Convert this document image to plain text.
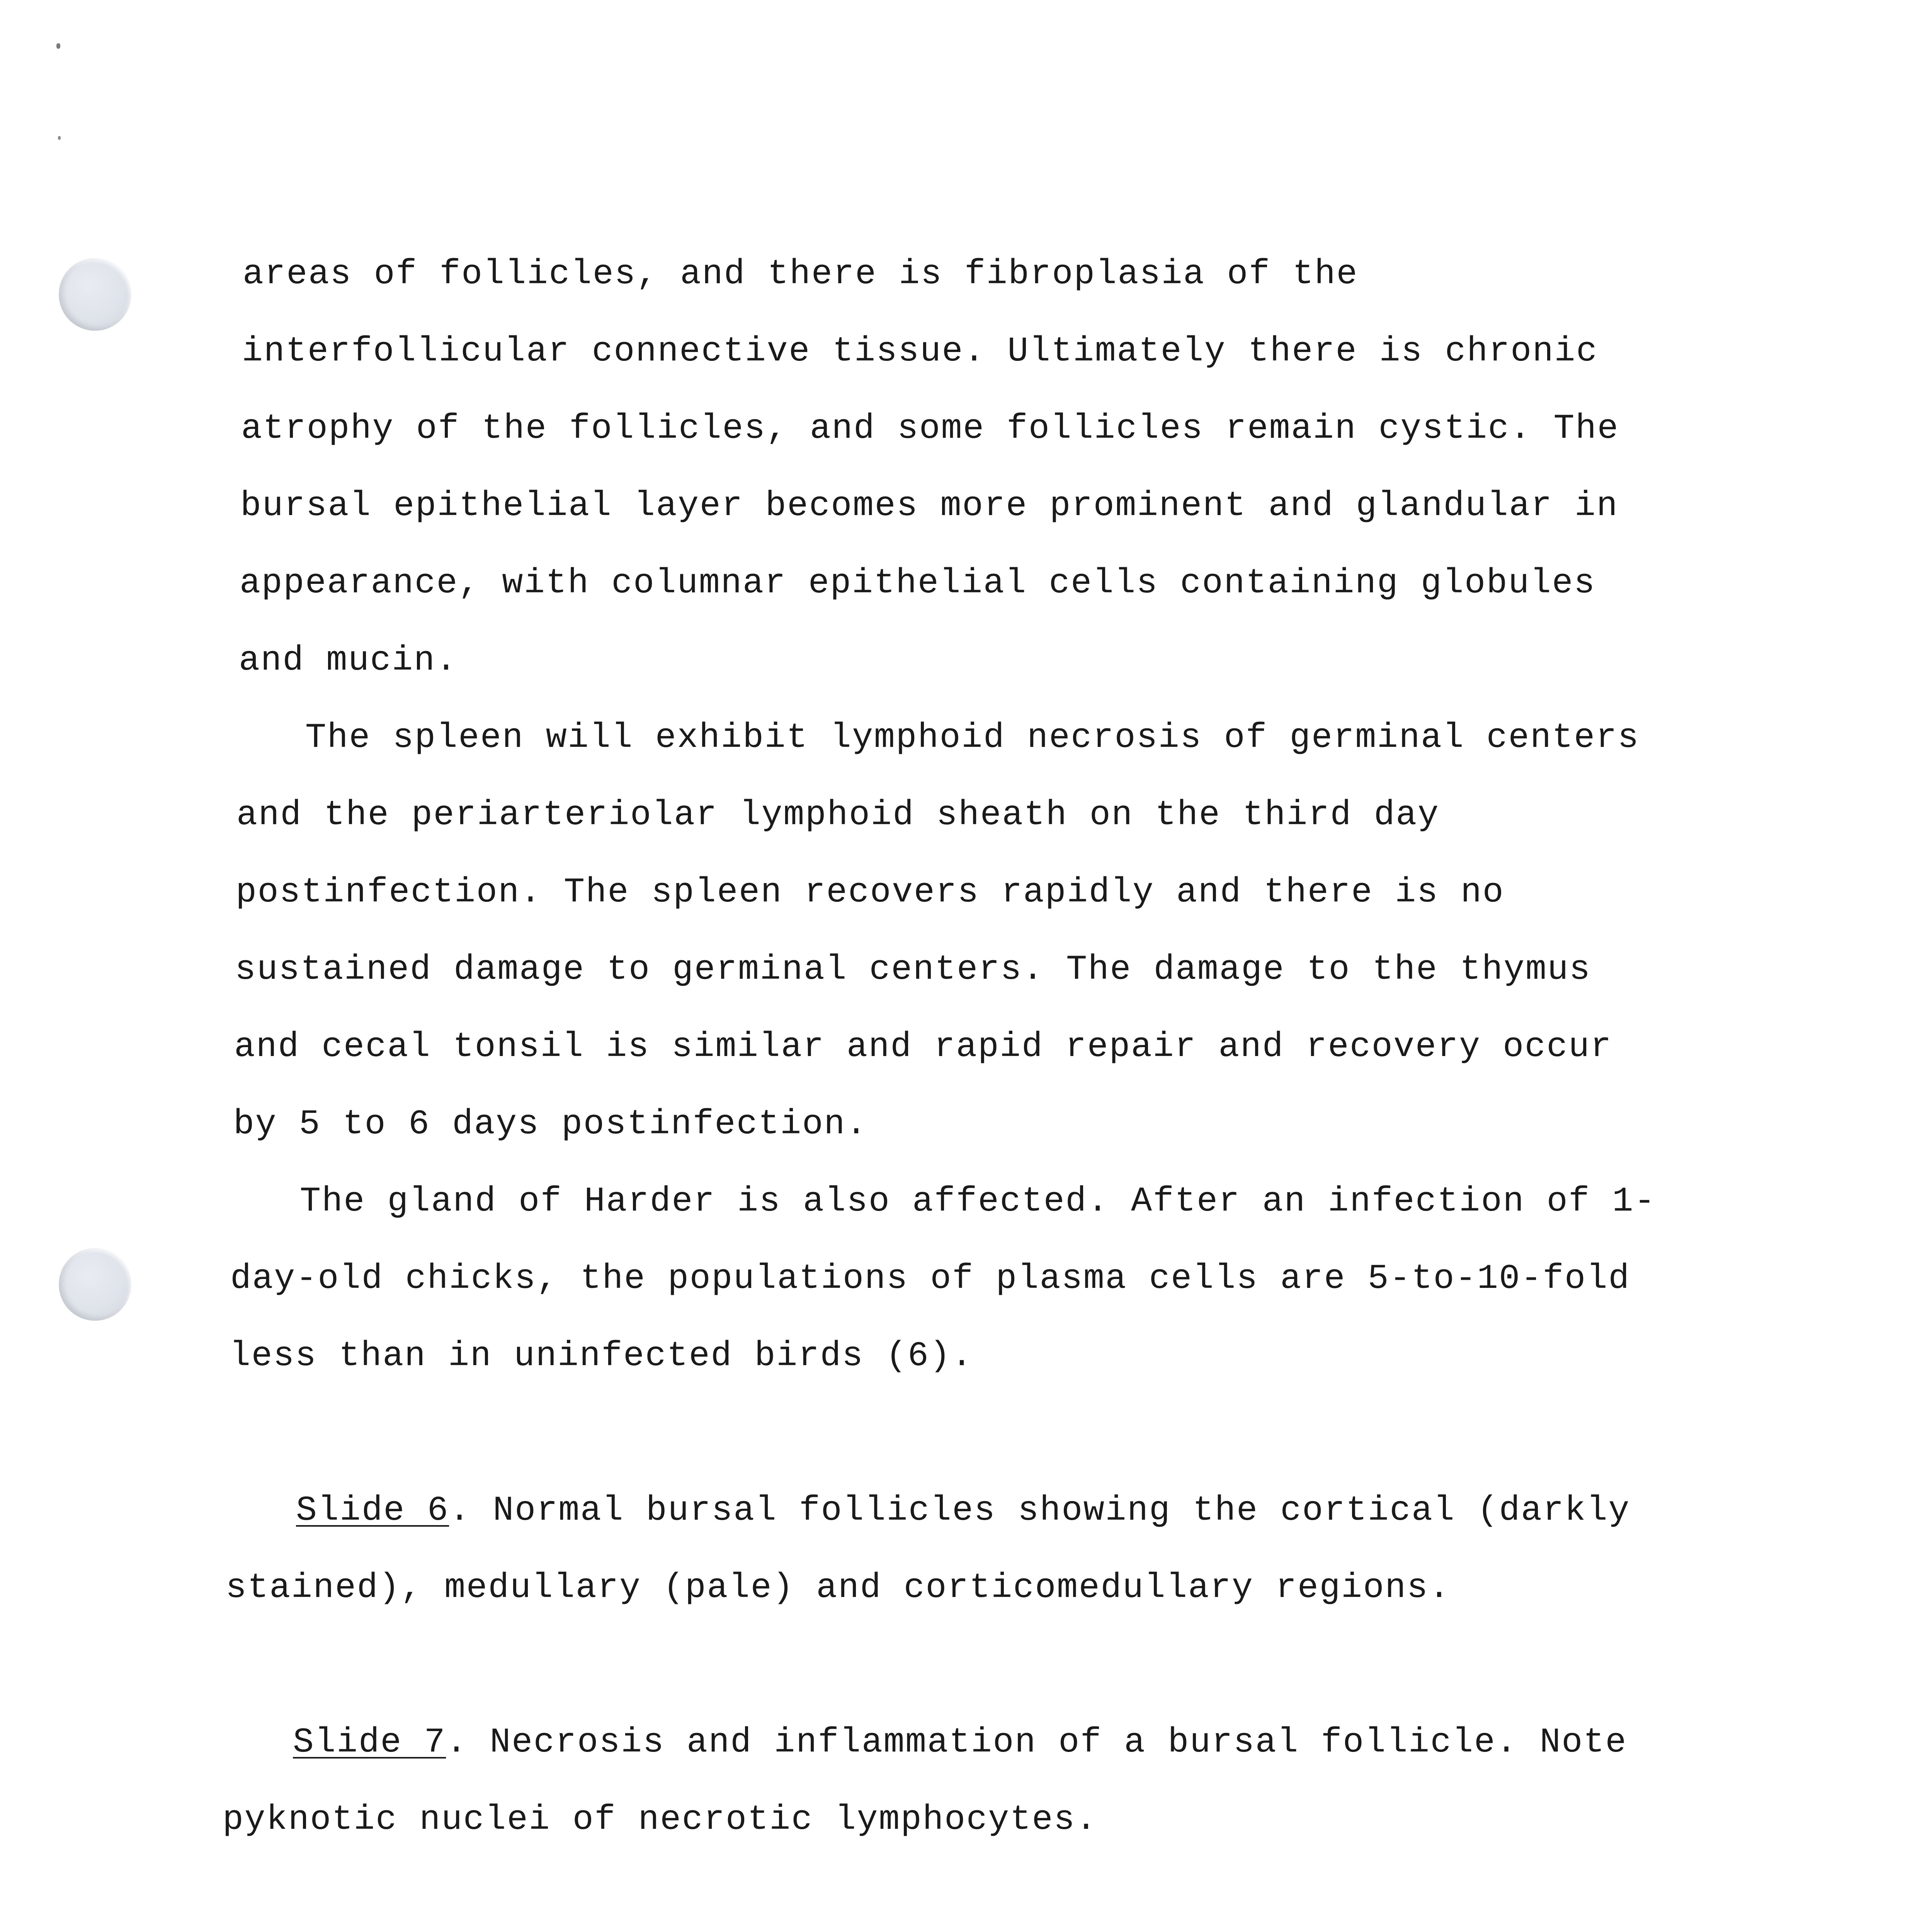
areas of follicles, and there is fibroplasia of the
interfollicular connective tissue. Ultimately there is chronic
atrophy of the follicles, and some follicles remain cystic. The
bursal epithelial layer becomes more prominent and glandular in
appearance, with columnar epithelial cells containing globules
and mucin.
The spleen will exhibit lymphoid necrosis of germinal centers
and the periarteriolar lymphoid sheath on the third day
postinfection. The spleen recovers rapidly and there is no
sustained damage to germinal centers. The damage to the thymus
and cecal tonsil is similar and rapid repair and recovery occur
by 5 to 6 days postinfection.
The gland of Harder is also affected. After an infection of 1-
day-old chicks, the populations of plasma cells are 5-to-10-fold
less than in uninfected birds (6).
Slide 6. Normal bursal follicles showing the cortical (darkly
stained), medullary (pale) and corticomedullary regions.
Slide 7. Necrosis and inflammation of a bursal follicle. Note
pyknotic nuclei of necrotic lymphocytes.
